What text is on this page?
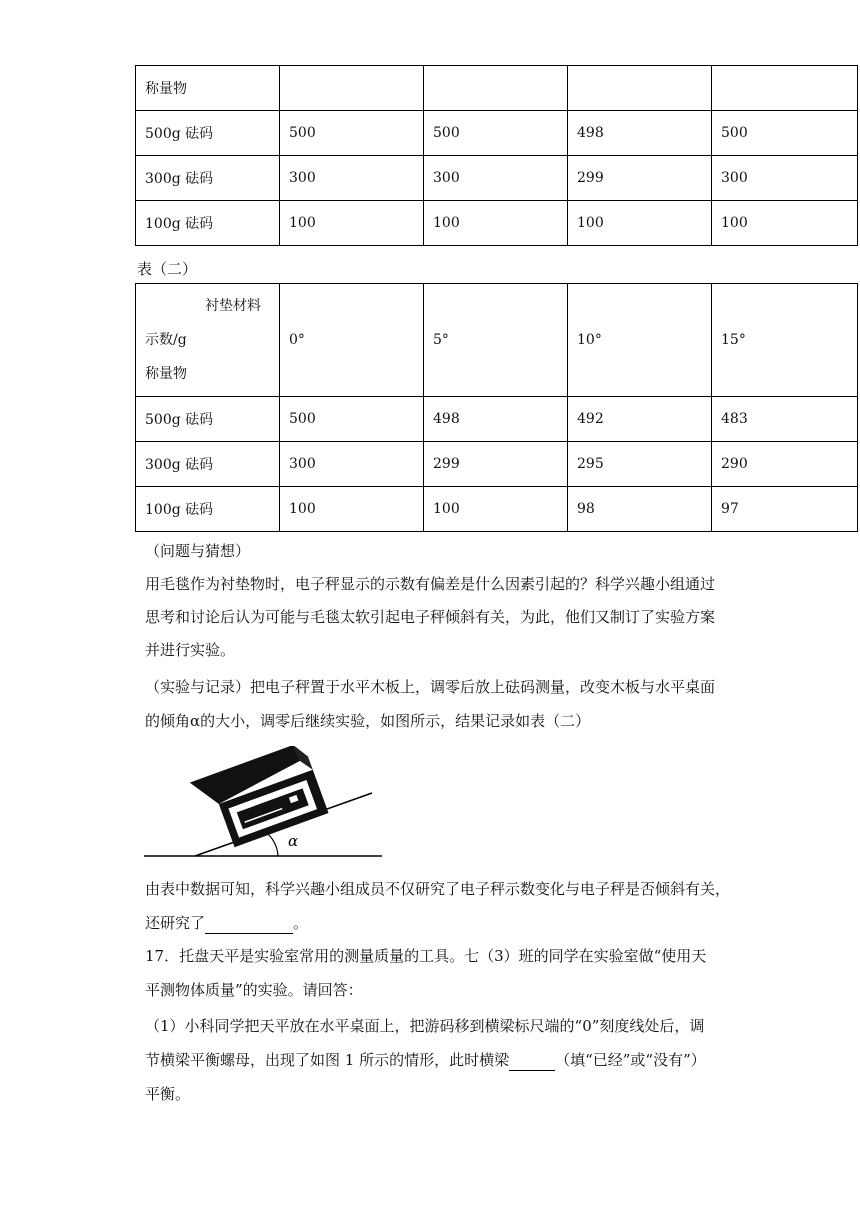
称量物				
500g 砝码	500	500	498	500
300g 砝码	300	300	299	300
100g 砝码	100	100	100	100
表（二）
衬垫材料
示数/g
称量物	0°	5°	10°	15°
500g 砝码	500	498	492	483
300g 砝码	300	299	295	290
100g 砝码	100	100	98	97
（问题与猜想）
用毛毯作为衬垫物时，电子秤显示的示数有偏差是什么因素引起的？科学兴趣小组通过
思考和讨论后认为可能与毛毯太软引起电子秤倾斜有关，为此，他们又制订了实验方案
并进行实验。
（实验与记录）把电子秤置于水平木板上，调零后放上砝码测量，改变木板与水平桌面
的倾角α的大小，调零后继续实验，如图所示，结果记录如表（二）
α
由表中数据可知，科学兴趣小组成员不仅研究了电子秤示数变化与电子秤是否倾斜有关，
还研究了	。
17．托盘天平是实验室常用的测量质量的工具。七（3）班的同学在实验室做“使用天
平测物体质量”的实验。请回答：
（1）小科同学把天平放在水平桌面上，把游码移到横梁标尺端的“0”刻度线处后，调
节横梁平衡螺母，出现了如图 1 所示的情形，此时横梁	（填“已经”或“没有”）
平衡。
